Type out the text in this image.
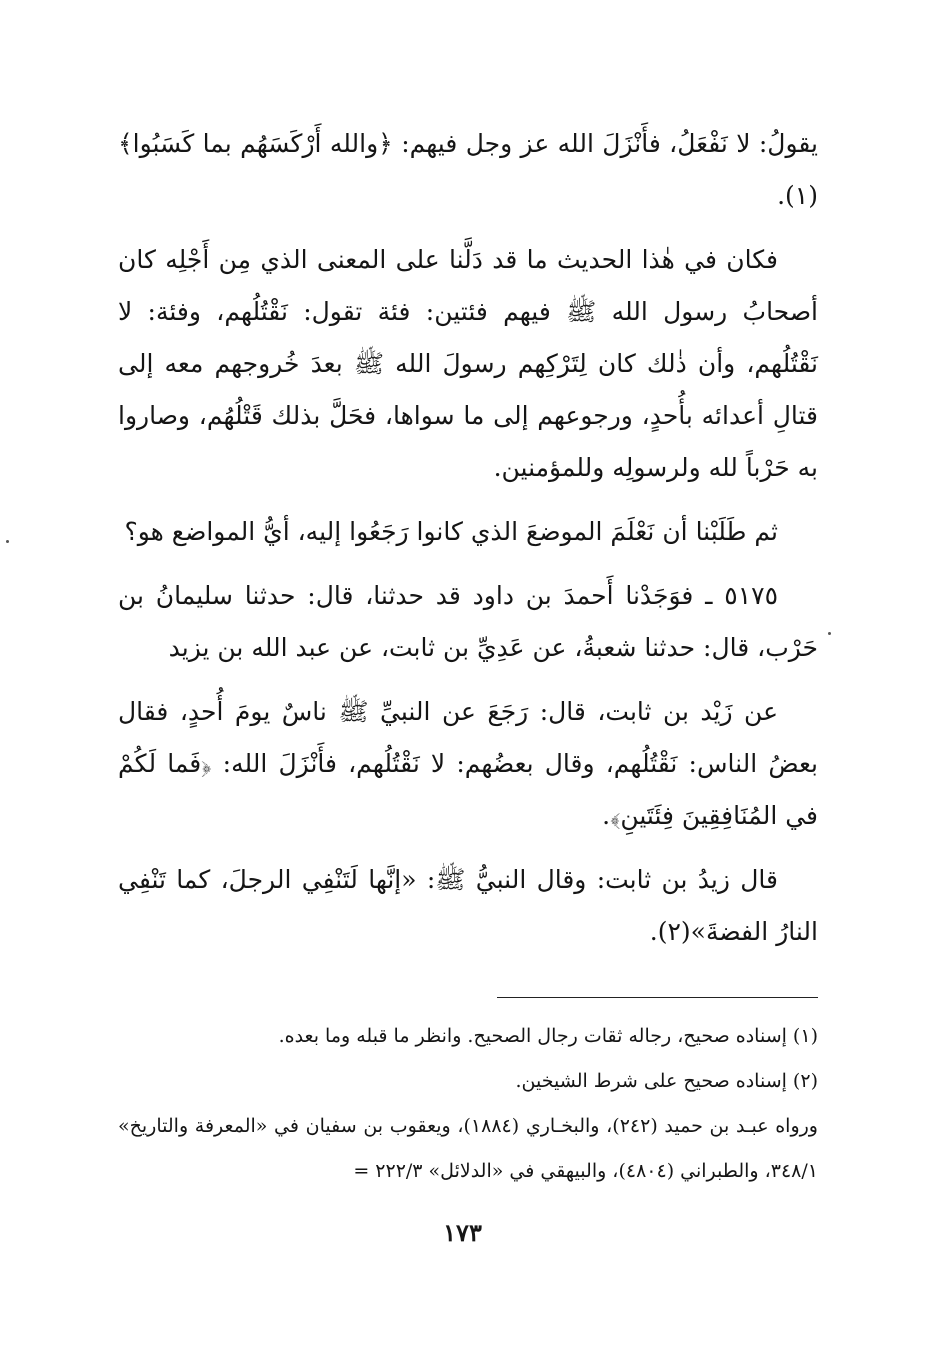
يقولُ: لا نَفْعَلُ، فأَنْزَلَ الله عز وجل فيهم: ﴿والله أَرْكَسَهُم بما كَسَبُوا﴾(١).

فكان في هٰذا الحديث ما قد دَلَّنا على المعنى الذي مِن أَجْلِه كان أصحابُ رسول الله ﷺ فيهم فئتين: فئة تقول: نَقْتُلُهم، وفئة: لا نَقْتُلُهم، وأن ذٰلك كان لِتَرْكِهم رسولَ الله ﷺ بعدَ خُروجهم معه إلى قتالِ أعدائه بأُحدٍ، ورجوعهم إلى ما سواها، فحَلَّ بذلك قَتْلُهُم، وصاروا به حَرْباً لله ولرسولِه وللمؤمنين.

ثم طَلَبْنا أن نَعْلَمَ الموضعَ الذي كانوا رَجَعُوا إليه، أيُّ المواضع هو؟

٥١٧٥ ـ فوَجَدْنا أَحمدَ بن داود قد حدثنا، قال: حدثنا سليمانُ بن حَرْب، قال: حدثنا شعبةُ، عن عَدِيِّ بن ثابت، عن عبد الله بن يزيد

عن زَيْد بن ثابت، قال: رَجَعَ عن النبيِّ ﷺ ناسٌ يومَ أُحدٍ، فقال بعضُ الناس: نَقْتُلُهم، وقال بعضُهم: لا نَقْتُلُهم، فأَنْزَلَ الله: ﴿فَما لَكُمْ في المُنَافِقِينَ فِئَتَينِ﴾.

قال زيدُ بن ثابت: وقال النبيُّ ﷺ: «إنَّها لَتَنْفِي الرجلَ، كما تَنْفِي النارُ الفضةَ»(٢).

(١) إسناده صحيح، رجاله ثقات رجال الصحيح. وانظر ما قبله وما بعده.

(٢) إسناده صحيح على شرط الشيخين.

ورواه عبـد بن حميد (٢٤٢)، والبخـاري (١٨٨٤)، ويعقوب بن سفيان في «المعرفة والتاريخ» ٣٤٨/١، والطبراني (٤٨٠٤)، والبيهقي في «الدلائل» ٢٢٢/٣ =

١٧٣
